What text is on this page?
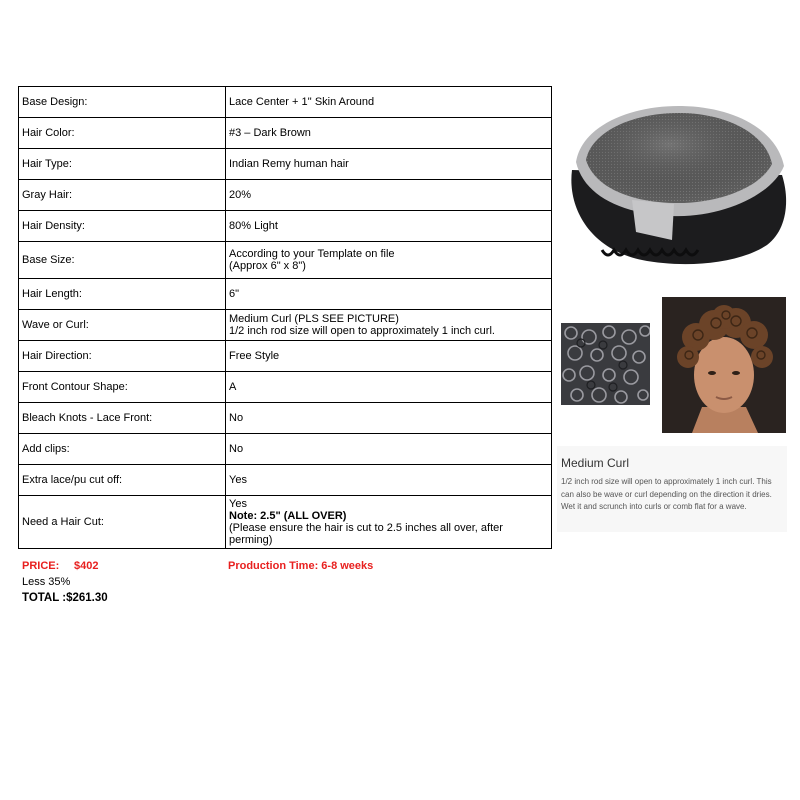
Base Design:	Lace Center + 1'' Skin Around

Hair Color:	#3 – Dark Brown

Hair Type:	Indian Remy human hair

Gray Hair:	20%

Hair Density:	80% Light

Base Size:	According to your Template on file
(Approx 6" x 8")

Hair Length:	6"

Wave or Curl:	Medium Curl (PLS SEE PICTURE)
1/2 inch rod size will open to approximately 1 inch curl.

Hair Direction:	Free Style

Front Contour Shape:	A

Bleach Knots - Lace Front:	No

Add clips:	No

Extra lace/pu cut off:	Yes

Need a Hair Cut:	Yes
Note: 2.5" (ALL OVER)
(Please ensure the hair is cut to 2.5 inches all over, after perming)
PRICE: $402
Less 35%
TOTAL :$261.30
Production Time: 6-8 weeks
Medium Curl
1/2 inch rod size will open to approximately 1 inch curl. This can also be wave or curl depending on the direction it dries. Wet it and scrunch into curls or comb flat for a wave.
